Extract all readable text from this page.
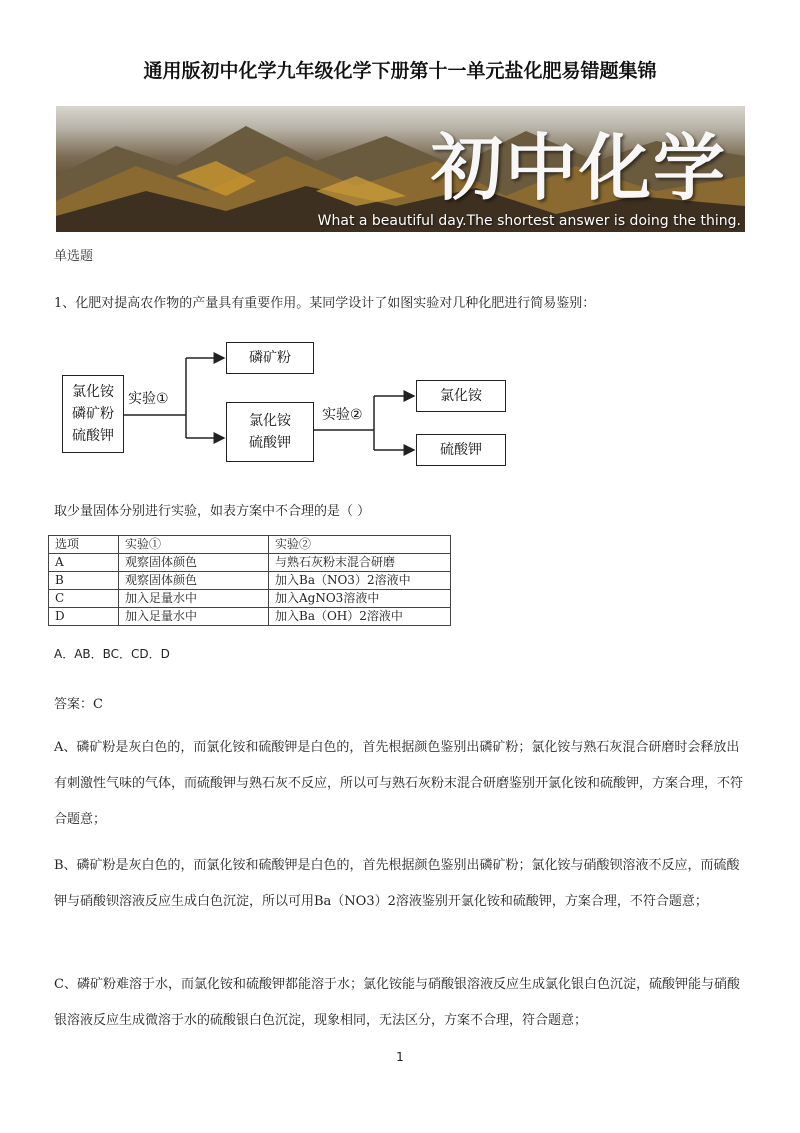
通用版初中化学九年级化学下册第十一单元盐化肥易错题集锦
初中化学
What a beautiful day.The shortest answer is doing the thing.
单选题
1、化肥对提高农作物的产量具有重要作用。某同学设计了如图实验对几种化肥进行简易鉴别：
氯化铵
磷矿粉
硫酸钾
实验①
磷矿粉
氯化铵
硫酸钾
实验②
氯化铵
硫酸钾
取少量固体分别进行实验，如表方案中不合理的是（ ）
选项	实验①	实验②
A	观察固体颜色	与熟石灰粉末混合研磨
B	观察固体颜色	加入Ba（NO3）2溶液中
C	加入足量水中	加入AgNO3溶液中
D	加入足量水中	加入Ba（OH）2溶液中
A．AB．BC．CD．D
答案：C
A、磷矿粉是灰白色的，而氯化铵和硫酸钾是白色的，首先根据颜色鉴别出磷矿粉；氯化铵与熟石灰混合研磨时会释放出有刺激性气味的气体，而硫酸钾与熟石灰不反应，所以可与熟石灰粉末混合研磨鉴别开氯化铵和硫酸钾，方案合理，不符合题意；
B、磷矿粉是灰白色的，而氯化铵和硫酸钾是白色的，首先根据颜色鉴别出磷矿粉；氯化铵与硝酸钡溶液不反应，而硫酸钾与硝酸钡溶液反应生成白色沉淀，所以可用Ba（NO3）2溶液鉴别开氯化铵和硫酸钾，方案合理，不符合题意；
C、磷矿粉难溶于水，而氯化铵和硫酸钾都能溶于水；氯化铵能与硝酸银溶液反应生成氯化银白色沉淀，硫酸钾能与硝酸银溶液反应生成微溶于水的硫酸银白色沉淀，现象相同，无法区分，方案不合理，符合题意；
1
